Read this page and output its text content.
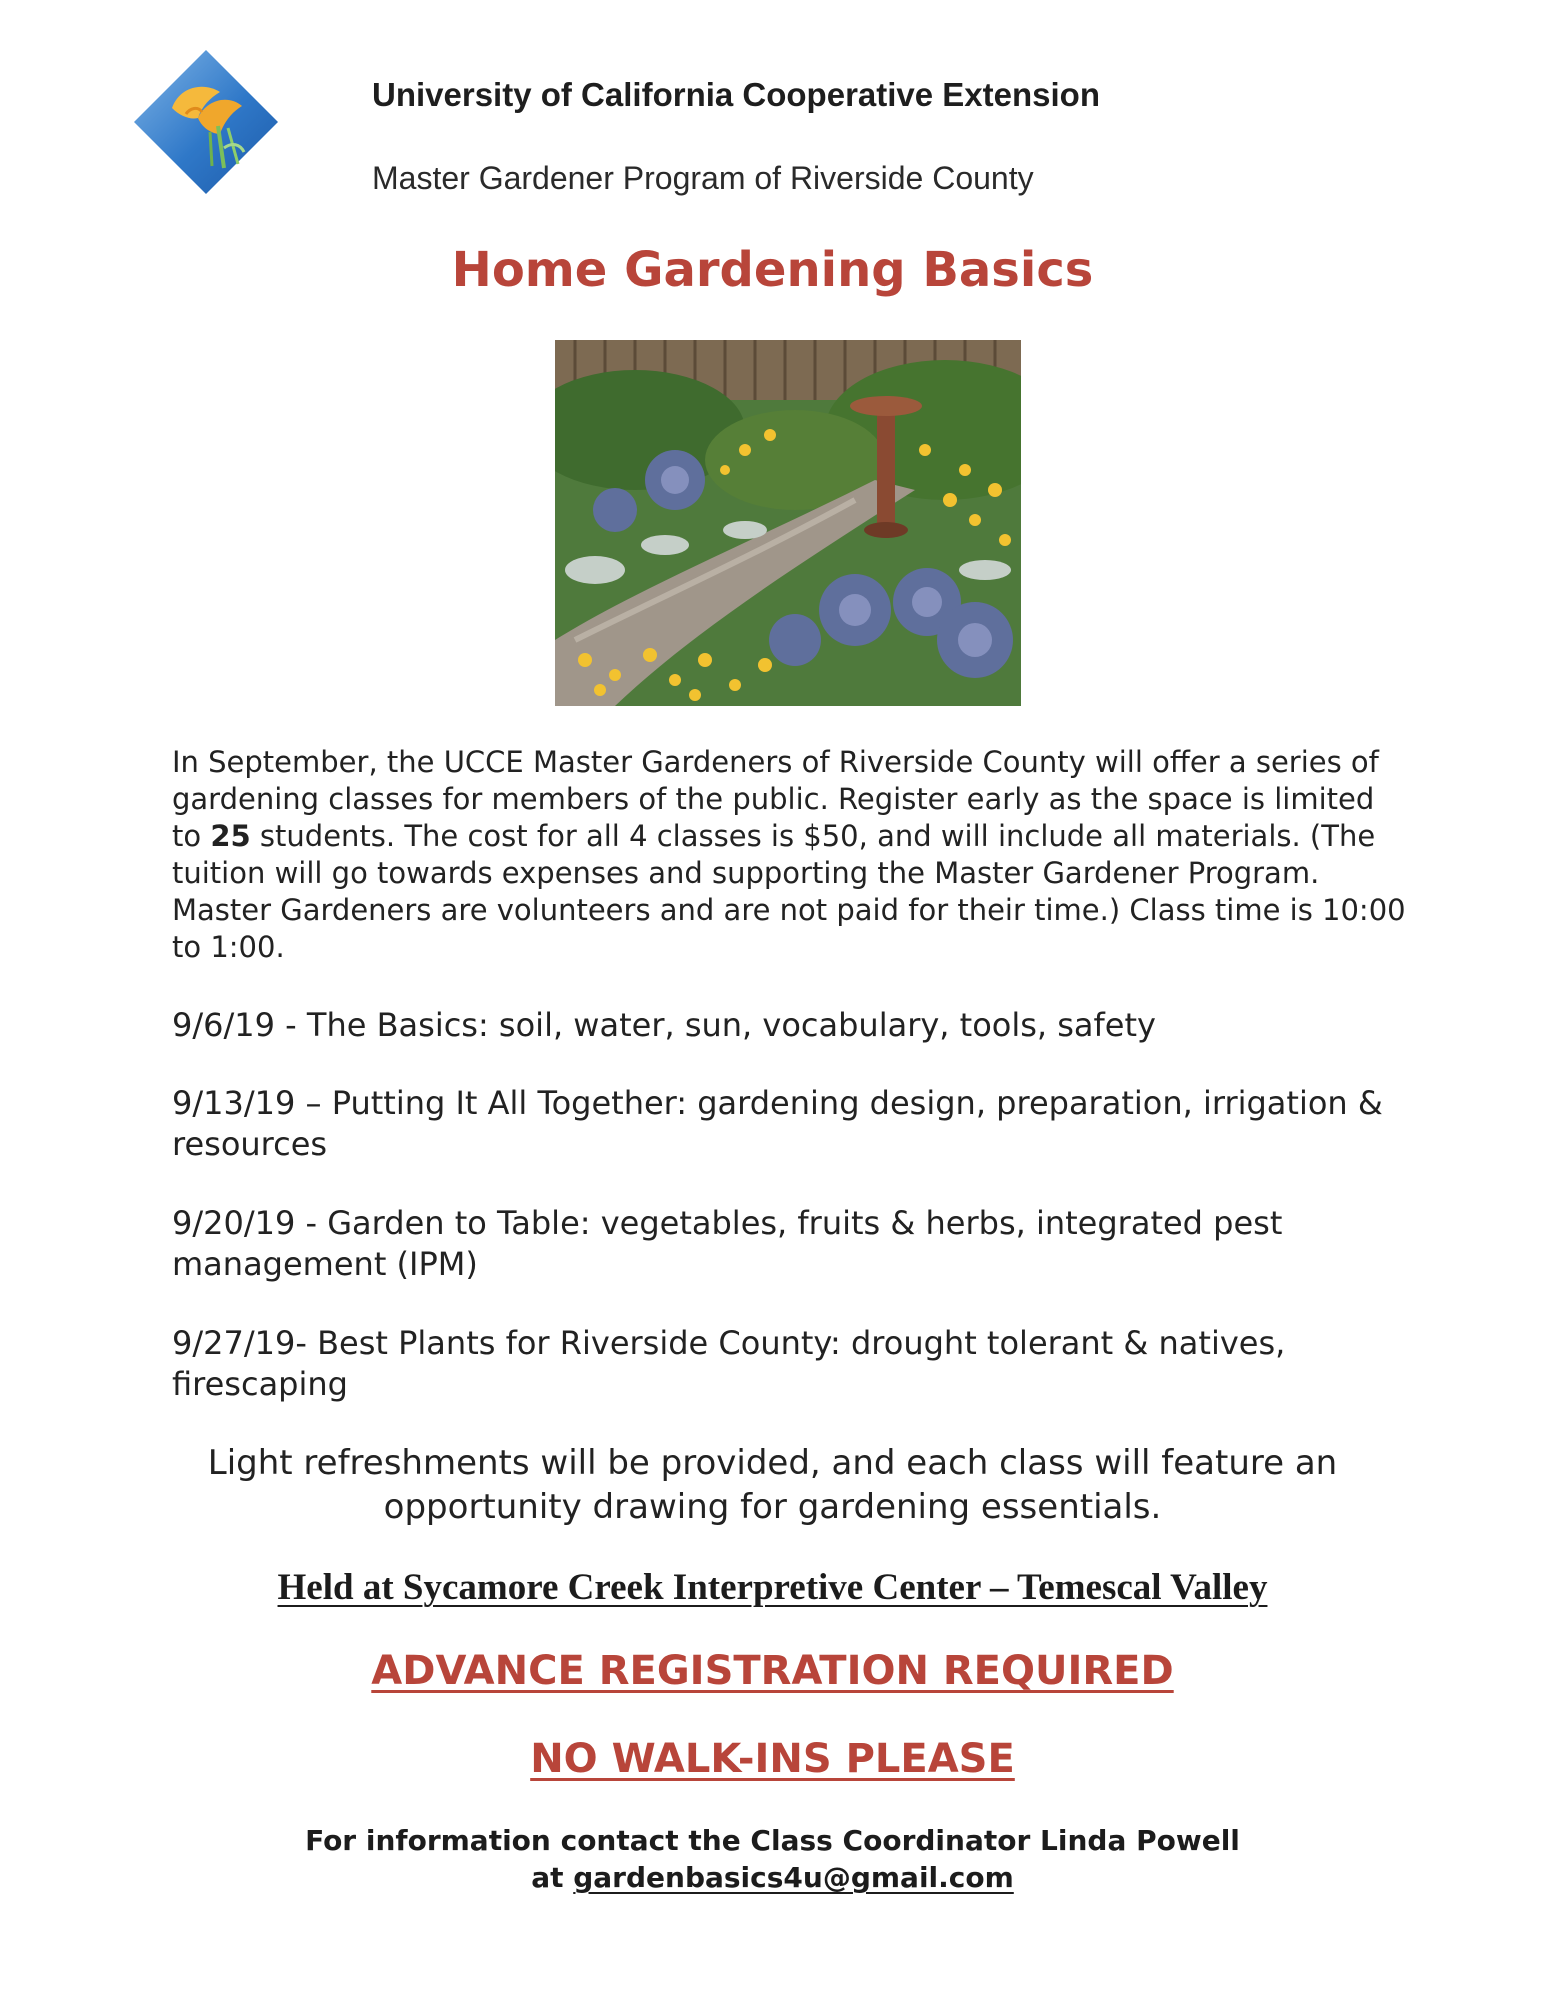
University of California Cooperative Extension
Master Gardener Program of Riverside County
Home Gardening Basics
In September, the UCCE Master Gardeners of Riverside County will offer a series of gardening classes for members of the public. Register early as the space is limited to 25 students. The cost for all 4 classes is $50, and will include all materials. (The tuition will go towards expenses and supporting the Master Gardener Program. Master Gardeners are volunteers and are not paid for their time.) Class time is 10:00 to 1:00.
9/6/19 - The Basics: soil, water, sun, vocabulary, tools, safety
9/13/19 – Putting It All Together: gardening design, preparation, irrigation & resources
9/20/19 - Garden to Table: vegetables, fruits & herbs, integrated pest management (IPM)
9/27/19- Best Plants for Riverside County: drought tolerant & natives, firescaping
Light refreshments will be provided, and each class will feature an opportunity drawing for gardening essentials.
Held at Sycamore Creek Interpretive Center – Temescal Valley
ADVANCE REGISTRATION REQUIRED
NO WALK-INS PLEASE
For information contact the Class Coordinator Linda Powell
at gardenbasics4u@gmail.com
